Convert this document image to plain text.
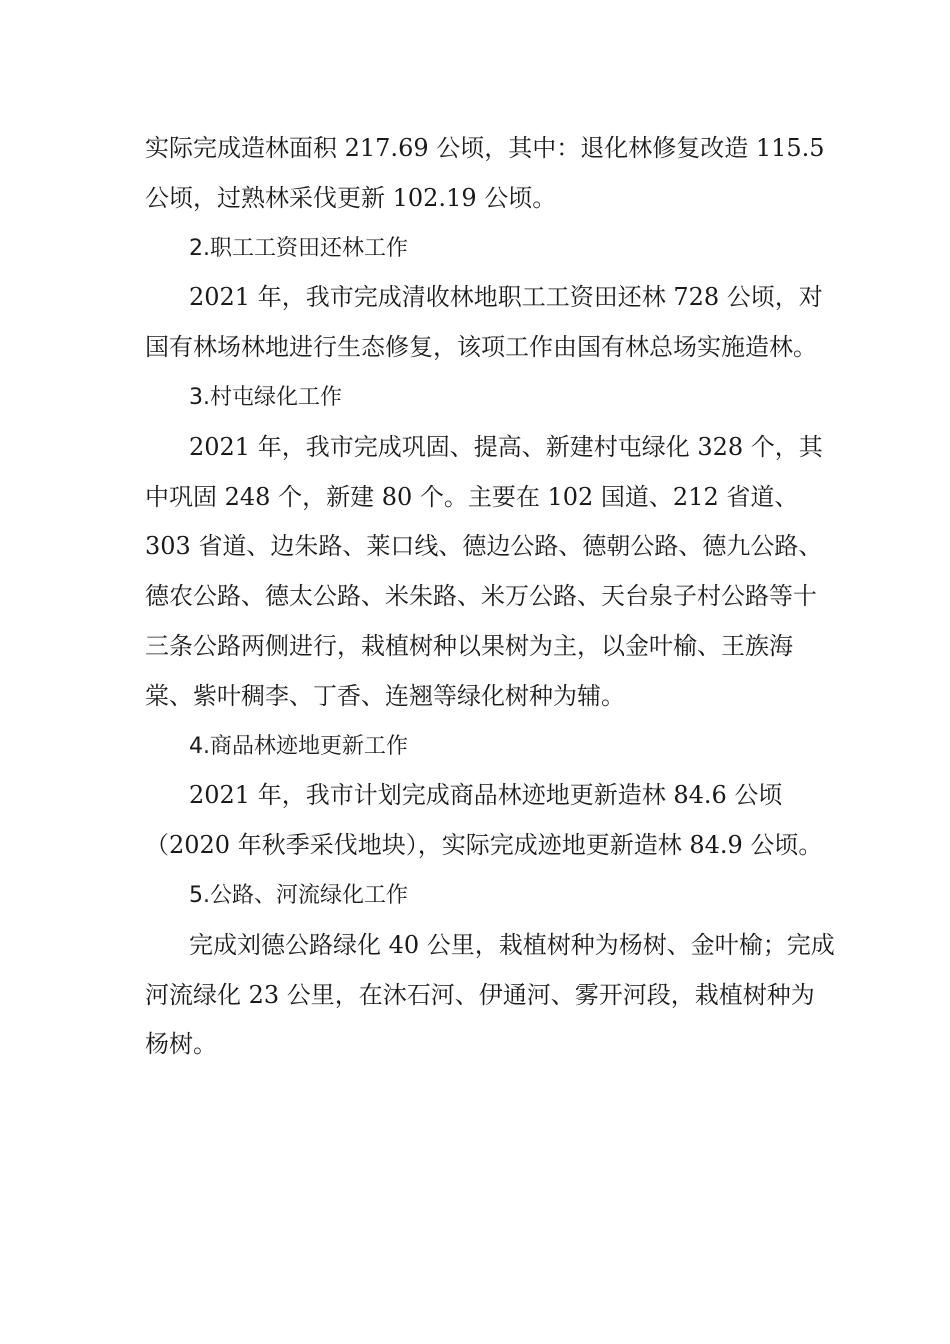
实际完成造林面积 217.69 公顷，其中：退化林修复改造 115.5 公顷，过熟林采伐更新 102.19 公顷。

2.职工工资田还林工作

2021 年，我市完成清收林地职工工资田还林 728 公顷，对国有林场林地进行生态修复，该项工作由国有林总场实施造林。

3.村屯绿化工作

2021 年，我市完成巩固、提高、新建村屯绿化 328 个，其中巩固 248 个，新建 80 个。主要在 102 国道、212 省道、303 省道、边朱路、莱口线、德边公路、德朝公路、德九公路、德农公路、德太公路、米朱路、米万公路、天台泉子村公路等十三条公路两侧进行，栽植树种以果树为主，以金叶榆、王族海棠、紫叶稠李、丁香、连翘等绿化树种为辅。

4.商品林迹地更新工作

2021 年，我市计划完成商品林迹地更新造林 84.6 公顷（2020 年秋季采伐地块），实际完成迹地更新造林 84.9 公顷。

5.公路、河流绿化工作

完成刘德公路绿化 40 公里，栽植树种为杨树、金叶榆；完成河流绿化 23 公里，在沐石河、伊通河、雾开河段，栽植树种为杨树。
